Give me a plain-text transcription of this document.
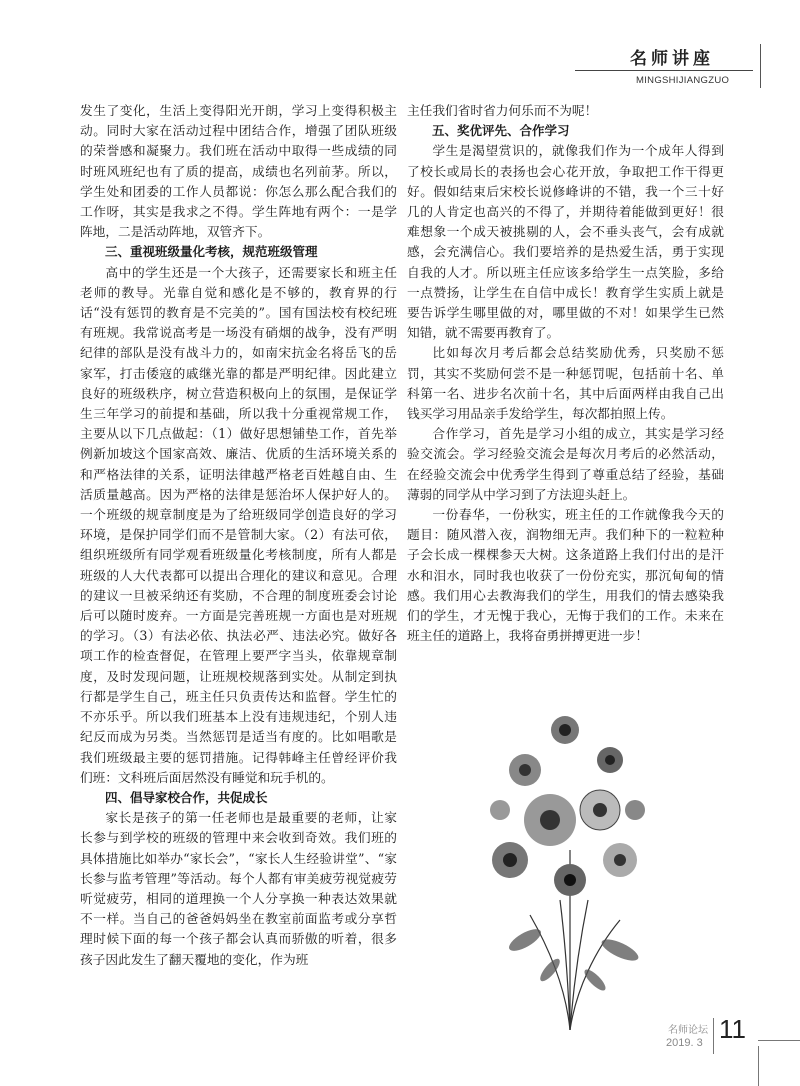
名师讲座
MINGSHIJIANGZUO

发生了变化，生活上变得阳光开朗，学习上变得积极主动。同时大家在活动过程中团结合作，增强了团队班级的荣誉感和凝聚力。我们班在活动中取得一些成绩的同时班风班纪也有了质的提高，成绩也名列前茅。所以，学生处和团委的工作人员都说：你怎么那么配合我们的工作呀，其实是我求之不得。学生阵地有两个：一是学阵地，二是活动阵地，双管齐下。

三、重视班级量化考核，规范班级管理

高中的学生还是一个大孩子，还需要家长和班主任老师的教导。光靠自觉和感化是不够的，教育界的行话“没有惩罚的教育是不完美的”。国有国法校有校纪班有班规。我常说高考是一场没有硝烟的战争，没有严明纪律的部队是没有战斗力的，如南宋抗金名将岳飞的岳家军，打击倭寇的戚继光靠的都是严明纪律。因此建立良好的班级秩序，树立营造积极向上的氛围，是保证学生三年学习的前提和基础，所以我十分重视常规工作，主要从以下几点做起：（1）做好思想铺垫工作，首先举例新加坡这个国家高效、廉洁、优质的生活环境关系的和严格法律的关系，证明法律越严格老百姓越自由、生活质量越高。因为严格的法律是惩治坏人保护好人的。一个班级的规章制度是为了给班级同学创造良好的学习环境，是保护同学们而不是管制大家。（2）有法可依，组织班级所有同学观看班级量化考核制度，所有人都是班级的人大代表都可以提出合理化的建议和意见。合理的建议一旦被采纳还有奖励，不合理的制度班委会讨论后可以随时废弃。一方面是完善班规一方面也是对班规的学习。（3）有法必依、执法必严、违法必究。做好各项工作的检查督促，在管理上要严字当头，依靠规章制度，及时发现问题，让班规校规落到实处。从制定到执行都是学生自己，班主任只负责传达和监督。学生忙的不亦乐乎。所以我们班基本上没有违规违纪，个别人违纪反而成为另类。当然惩罚是适当有度的。比如唱歌是我们班级最主要的惩罚措施。记得韩峰主任曾经评价我们班：文科班后面居然没有睡觉和玩手机的。

四、倡导家校合作，共促成长

家长是孩子的第一任老师也是最重要的老师，让家长参与到学校的班级的管理中来会收到奇效。我们班的具体措施比如举办“家长会”，“家长人生经验讲堂”、“家长参与监考管理”等活动。每个人都有审美疲劳视觉疲劳听觉疲劳，相同的道理换一个人分享换一种表达效果就不一样。当自己的爸爸妈妈坐在教室前面监考或分享哲理时候下面的每一个孩子都会认真而骄傲的听着，很多孩子因此发生了翻天覆地的变化，作为班

主任我们省时省力何乐而不为呢！

五、奖优评先、合作学习

学生是渴望赏识的，就像我们作为一个成年人得到了校长或局长的表扬也会心花开放，争取把工作干得更好。假如结束后宋校长说修峰讲的不错，我一个三十好几的人肯定也高兴的不得了，并期待着能做到更好！很难想象一个成天被挑剔的人，会不垂头丧气，会有成就感，会充满信心。我们要培养的是热爱生活，勇于实现自我的人才。所以班主任应该多给学生一点笑脸，多给一点赞扬，让学生在自信中成长！教育学生实质上就是要告诉学生哪里做的对，哪里做的不对！如果学生已然知错，就不需要再教育了。

比如每次月考后都会总结奖励优秀，只奖励不惩罚，其实不奖励何尝不是一种惩罚呢，包括前十名、单科第一名、进步名次前十名，其中后面两样由我自己出钱买学习用品亲手发给学生，每次都拍照上传。

合作学习，首先是学习小组的成立，其实是学习经验交流会。学习经验交流会是每次月考后的必然活动，在经验交流会中优秀学生得到了尊重总结了经验，基础薄弱的同学从中学习到了方法迎头赶上。

一份春华，一份秋实，班主任的工作就像我今天的题目：随风潜入夜，润物细无声。我们种下的一粒粒种子会长成一棵棵参天大树。这条道路上我们付出的是汗水和泪水，同时我也收获了一份份充实，那沉甸甸的情感。我们用心去教海我们的学生，用我们的情去感染我们的学生，才无愧于我心，无悔于我们的工作。未来在班主任的道路上，我将奋勇拼搏更进一步！

名师论坛
2019. 3 11
